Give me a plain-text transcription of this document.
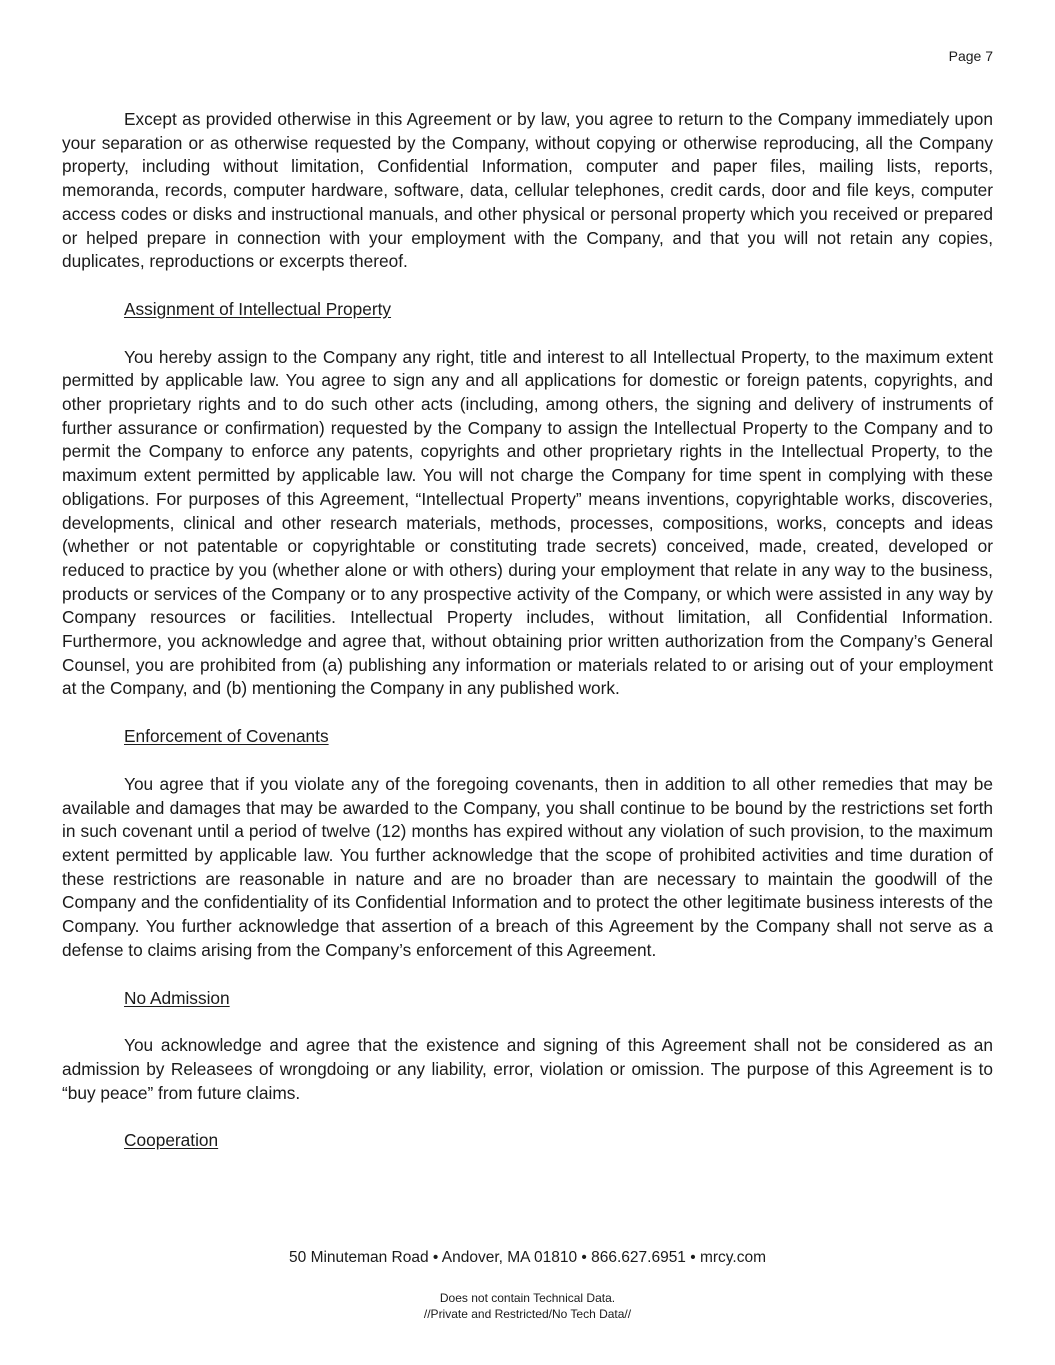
Page 7

Except as provided otherwise in this Agreement or by law, you agree to return to the Company immediately upon your separation or as otherwise requested by the Company, without copying or otherwise reproducing, all the Company property, including without limitation, Confidential Information, computer and paper files, mailing lists, reports, memoranda, records, computer hardware, software, data, cellular telephones, credit cards, door and file keys, computer access codes or disks and instructional manuals, and other physical or personal property which you received or prepared or helped prepare in connection with your employment with the Company, and that you will not retain any copies, duplicates, reproductions or excerpts thereof.

Assignment of Intellectual Property

You hereby assign to the Company any right, title and interest to all Intellectual Property, to the maximum extent permitted by applicable law. You agree to sign any and all applications for domestic or foreign patents, copyrights, and other proprietary rights and to do such other acts (including, among others, the signing and delivery of instruments of further assurance or confirmation) requested by the Company to assign the Intellectual Property to the Company and to permit the Company to enforce any patents, copyrights and other proprietary rights in the Intellectual Property, to the maximum extent permitted by applicable law. You will not charge the Company for time spent in complying with these obligations. For purposes of this Agreement, “Intellectual Property” means inventions, copyrightable works, discoveries, developments, clinical and other research materials, methods, processes, compositions, works, concepts and ideas (whether or not patentable or copyrightable or constituting trade secrets) conceived, made, created, developed or reduced to practice by you (whether alone or with others) during your employment that relate in any way to the business, products or services of the Company or to any prospective activity of the Company, or which were assisted in any way by Company resources or facilities. Intellectual Property includes, without limitation, all Confidential Information. Furthermore, you acknowledge and agree that, without obtaining prior written authorization from the Company’s General Counsel, you are prohibited from (a) publishing any information or materials related to or arising out of your employment at the Company, and (b) mentioning the Company in any published work.

Enforcement of Covenants

You agree that if you violate any of the foregoing covenants, then in addition to all other remedies that may be available and damages that may be awarded to the Company, you shall continue to be bound by the restrictions set forth in such covenant until a period of twelve (12) months has expired without any violation of such provision, to the maximum extent permitted by applicable law. You further acknowledge that the scope of prohibited activities and time duration of these restrictions are reasonable in nature and are no broader than are necessary to maintain the goodwill of the Company and the confidentiality of its Confidential Information and to protect the other legitimate business interests of the Company. You further acknowledge that assertion of a breach of this Agreement by the Company shall not serve as a defense to claims arising from the Company’s enforcement of this Agreement.

No Admission

You acknowledge and agree that the existence and signing of this Agreement shall not be considered as an admission by Releasees of wrongdoing or any liability, error, violation or omission. The purpose of this Agreement is to “buy peace” from future claims.

Cooperation
50 Minuteman Road • Andover, MA 01810 • 866.627.6951 • mrcy.com
Does not contain Technical Data.
//Private and Restricted/No Tech Data//
